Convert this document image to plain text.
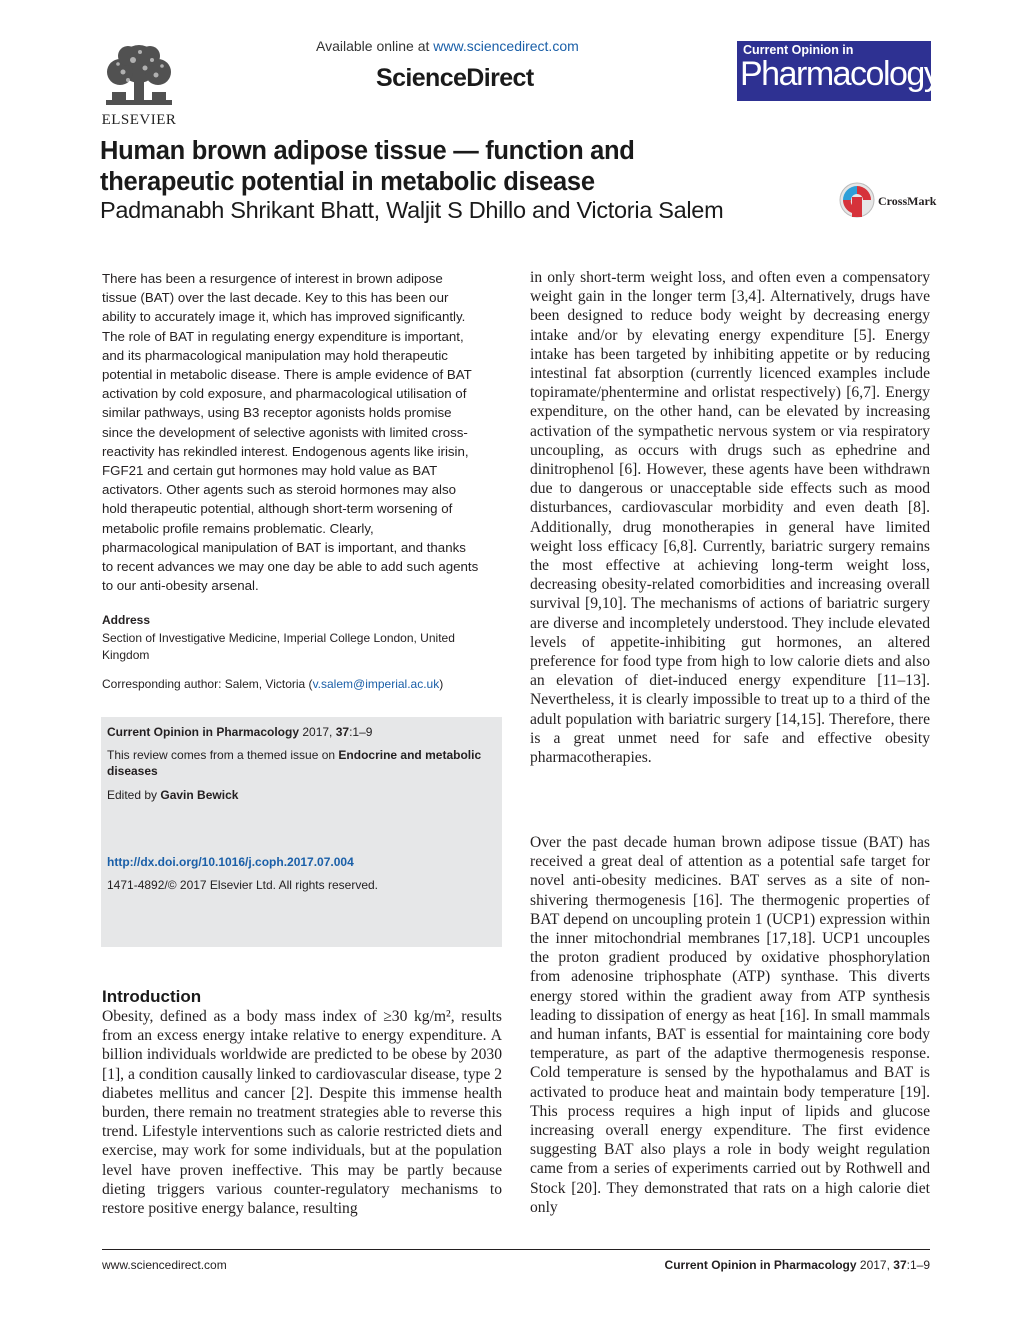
ELSEVIER
Available online at www.sciencedirect.com
ScienceDirect
Current Opinion in
Pharmacology
Human brown adipose tissue — function and
therapeutic potential in metabolic disease
Padmanabh Shrikant Bhatt, Waljit S Dhillo and Victoria Salem	CrossMark
There has been a resurgence of interest in brown adipose
tissue (BAT) over the last decade. Key to this has been our
ability to accurately image it, which has improved significantly.
The role of BAT in regulating energy expenditure is important,
and its pharmacological manipulation may hold therapeutic
potential in metabolic disease. There is ample evidence of BAT
activation by cold exposure, and pharmacological utilisation of
similar pathways, using B3 receptor agonists holds promise
since the development of selective agonists with limited cross-
reactivity has rekindled interest. Endogenous agents like irisin,
FGF21 and certain gut hormones may hold value as BAT
activators. Other agents such as steroid hormones may also
hold therapeutic potential, although short-term worsening of
metabolic profile remains problematic. Clearly,
pharmacological manipulation of BAT is important, and thanks
to recent advances we may one day be able to add such agents
to our anti-obesity arsenal.
Address
Section of Investigative Medicine, Imperial College London, United Kingdom
Corresponding author: Salem, Victoria (v.salem@imperial.ac.uk)
Current Opinion in Pharmacology 2017, 37:1–9
This review comes from a themed issue on Endocrine and metabolic diseases
Edited by Gavin Bewick
http://dx.doi.org/10.1016/j.coph.2017.07.004
1471-4892/© 2017 Elsevier Ltd. All rights reserved.
Introduction
Obesity, defined as a body mass index of ≥30 kg/m², results from an excess energy intake relative to energy expenditure. A billion individuals worldwide are predicted to be obese by 2030 [1], a condition causally linked to cardiovascular disease, type 2 diabetes mellitus and cancer [2]. Despite this immense health burden, there remain no treatment strategies able to reverse this trend. Lifestyle interventions such as calorie restricted diets and exercise, may work for some individuals, but at the population level have proven ineffective. This may be partly because dieting triggers various counter-regulatory mechanisms to restore positive energy balance, resulting
in only short-term weight loss, and often even a compensatory weight gain in the longer term [3,4]. Alternatively, drugs have been designed to reduce body weight by decreasing energy intake and/or by elevating energy expenditure [5]. Energy intake has been targeted by inhibiting appetite or by reducing intestinal fat absorption (currently licenced examples include topiramate/phentermine and orlistat respectively) [6,7]. Energy expenditure, on the other hand, can be elevated by increasing activation of the sympathetic nervous system or via respiratory uncoupling, as occurs with drugs such as ephedrine and dinitrophenol [6]. However, these agents have been withdrawn due to dangerous or unacceptable side effects such as mood disturbances, cardiovascular morbidity and even death [8]. Additionally, drug monotherapies in general have limited weight loss efficacy [6,8]. Currently, bariatric surgery remains the most effective at achieving long-term weight loss, decreasing obesity-related comorbidities and increasing overall survival [9,10]. The mechanisms of actions of bariatric surgery are diverse and incompletely understood. They include elevated levels of appetite-inhibiting gut hormones, an altered preference for food type from high to low calorie diets and also an elevation of diet-induced energy expenditure [11–13]. Nevertheless, it is clearly impossible to treat up to a third of the adult population with bariatric surgery [14,15]. Therefore, there is a great unmet need for safe and effective obesity pharmacotherapies.
Over the past decade human brown adipose tissue (BAT) has received a great deal of attention as a potential safe target for novel anti-obesity medicines. BAT serves as a site of non-shivering thermogenesis [16]. The thermogenic properties of BAT depend on uncoupling protein 1 (UCP1) expression within the inner mitochondrial membranes [17,18]. UCP1 uncouples the proton gradient produced by oxidative phosphorylation from adenosine triphosphate (ATP) synthase. This diverts energy stored within the gradient away from ATP synthesis leading to dissipation of energy as heat [16]. In small mammals and human infants, BAT is essential for maintaining core body temperature, as part of the adaptive thermogenesis response. Cold temperature is sensed by the hypothalamus and BAT is activated to produce heat and maintain body temperature [19]. This process requires a high input of lipids and glucose increasing overall energy expenditure. The first evidence suggesting BAT also plays a role in body weight regulation came from a series of experiments carried out by Rothwell and Stock [20]. They demonstrated that rats on a high calorie diet only
www.sciencedirect.com	Current Opinion in Pharmacology 2017, 37:1–9
